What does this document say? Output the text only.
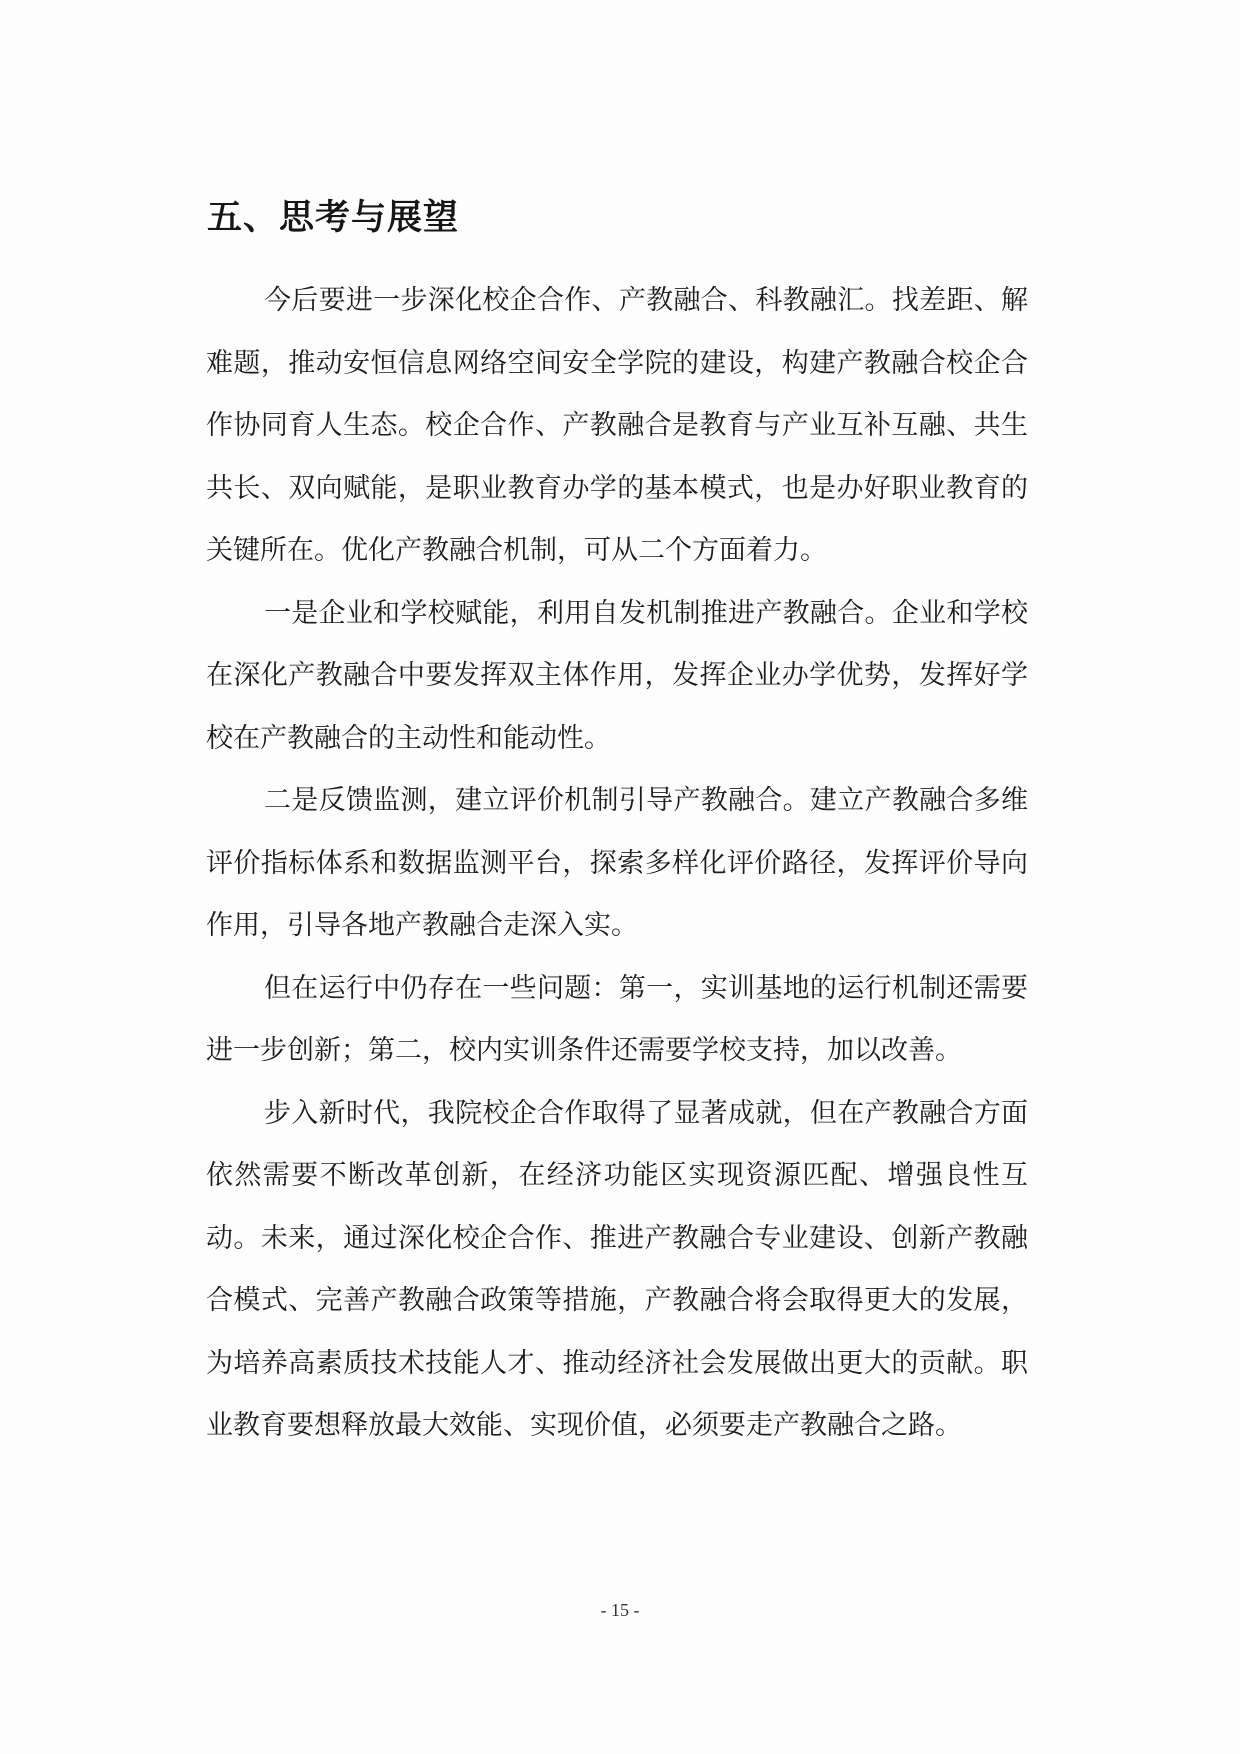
五、思考与展望

今后要进一步深化校企合作、产教融合、科教融汇。找差距、解难题，推动安恒信息网络空间安全学院的建设，构建产教融合校企合作协同育人生态。校企合作、产教融合是教育与产业互补互融、共生共长、双向赋能，是职业教育办学的基本模式，也是办好职业教育的关键所在。优化产教融合机制，可从二个方面着力。

一是企业和学校赋能，利用自发机制推进产教融合。企业和学校在深化产教融合中要发挥双主体作用，发挥企业办学优势，发挥好学校在产教融合的主动性和能动性。

二是反馈监测，建立评价机制引导产教融合。建立产教融合多维评价指标体系和数据监测平台，探索多样化评价路径，发挥评价导向作用，引导各地产教融合走深入实。

但在运行中仍存在一些问题：第一，实训基地的运行机制还需要进一步创新；第二，校内实训条件还需要学校支持，加以改善。

步入新时代，我院校企合作取得了显著成就，但在产教融合方面依然需要不断改革创新，在经济功能区实现资源匹配、增强良性互动。未来，通过深化校企合作、推进产教融合专业建设、创新产教融合模式、完善产教融合政策等措施，产教融合将会取得更大的发展，为培养高素质技术技能人才、推动经济社会发展做出更大的贡献。职业教育要想释放最大效能、实现价值，必须要走产教融合之路。

- 15 -
